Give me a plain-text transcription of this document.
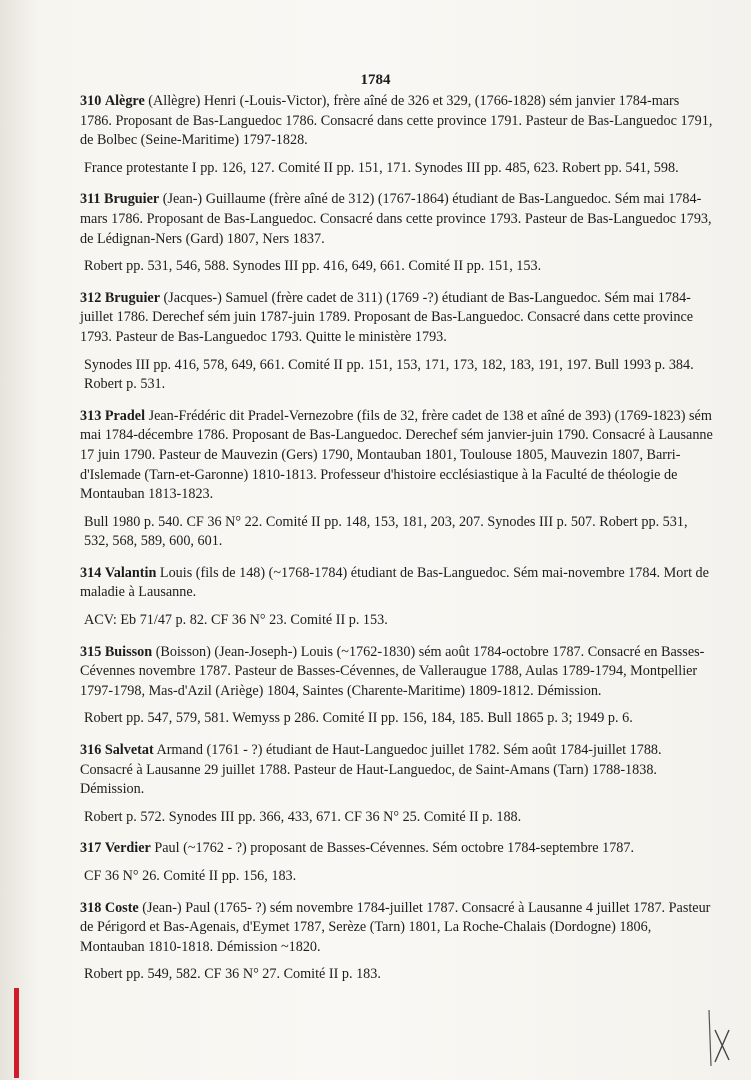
1784

310 Alègre (Allègre) Henri (-Louis-Victor), frère aîné de 326 et 329, (1766-1828) sém janvier 1784-mars 1786. Proposant de Bas-Languedoc 1786. Consacré dans cette province 1791. Pasteur de Bas-Languedoc 1791, de Bolbec (Seine-Maritime) 1797-1828.

France protestante I pp. 126, 127. Comité II pp. 151, 171. Synodes III pp. 485, 623. Robert pp. 541, 598.

311 Bruguier (Jean-) Guillaume (frère aîné de 312) (1767-1864) étudiant de Bas-Languedoc. Sém mai 1784-mars 1786. Proposant de Bas-Languedoc. Consacré dans cette province 1793. Pasteur de Bas-Languedoc 1793, de Lédignan-Ners (Gard) 1807, Ners 1837.

Robert pp. 531, 546, 588. Synodes III pp. 416, 649, 661. Comité II pp. 151, 153.

312 Bruguier (Jacques-) Samuel (frère cadet de 311) (1769 -?) étudiant de Bas-Languedoc. Sém mai 1784-juillet 1786. Derechef sém juin 1787-juin 1789. Proposant de Bas-Languedoc. Consacré dans cette province 1793. Pasteur de Bas-Languedoc 1793. Quitte le ministère 1793.

Synodes III pp. 416, 578, 649, 661. Comité II pp. 151, 153, 171, 173, 182, 183, 191, 197. Bull 1993 p. 384. Robert p. 531.

313 Pradel Jean-Frédéric dit Pradel-Vernezobre (fils de 32, frère cadet de 138 et aîné de 393) (1769-1823) sém mai 1784-décembre 1786. Proposant de Bas-Languedoc. Derechef sém janvier-juin 1790. Consacré à Lausanne 17 juin 1790. Pasteur de Mauvezin (Gers) 1790, Montauban 1801, Toulouse 1805, Mauvezin 1807, Barri-d'Islemade (Tarn-et-Garonne) 1810-1813. Professeur d'histoire ecclésiastique à la Faculté de théologie de Montauban 1813-1823.

Bull 1980 p. 540. CF 36 N° 22. Comité II pp. 148, 153, 181, 203, 207. Synodes III p. 507. Robert pp. 531, 532, 568, 589, 600, 601.

314 Valantin Louis (fils de 148) (~1768-1784) étudiant de Bas-Languedoc. Sém mai-novembre 1784. Mort de maladie à Lausanne.

ACV: Eb 71/47 p. 82. CF 36 N° 23. Comité II p. 153.

315 Buisson (Boisson) (Jean-Joseph-) Louis (~1762-1830) sém août 1784-octobre 1787. Consacré en Basses-Cévennes novembre 1787. Pasteur de Basses-Cévennes, de Valleraugue 1788, Aulas 1789-1794, Montpellier 1797-1798, Mas-d'Azil (Ariège) 1804, Saintes (Charente-Maritime) 1809-1812. Démission.

Robert pp. 547, 579, 581. Wemyss p 286. Comité II pp. 156, 184, 185. Bull 1865 p. 3; 1949 p. 6.

316 Salvetat Armand (1761 - ?) étudiant de Haut-Languedoc juillet 1782. Sém août 1784-juillet 1788. Consacré à Lausanne 29 juillet 1788. Pasteur de Haut-Languedoc, de Saint-Amans (Tarn) 1788-1838. Démission.

Robert p. 572. Synodes III pp. 366, 433, 671. CF 36 N° 25. Comité II p. 188.

317 Verdier Paul (~1762 - ?) proposant de Basses-Cévennes. Sém octobre 1784-septembre 1787.

CF 36 N° 26. Comité II pp. 156, 183.

318 Coste (Jean-) Paul (1765- ?) sém novembre 1784-juillet 1787. Consacré à Lausanne 4 juillet 1787. Pasteur de Périgord et Bas-Agenais, d'Eymet 1787, Serèze (Tarn) 1801, La Roche-Chalais (Dordogne) 1806, Montauban 1810-1818. Démission ~1820.

Robert pp. 549, 582. CF 36 N° 27. Comité II p. 183.
